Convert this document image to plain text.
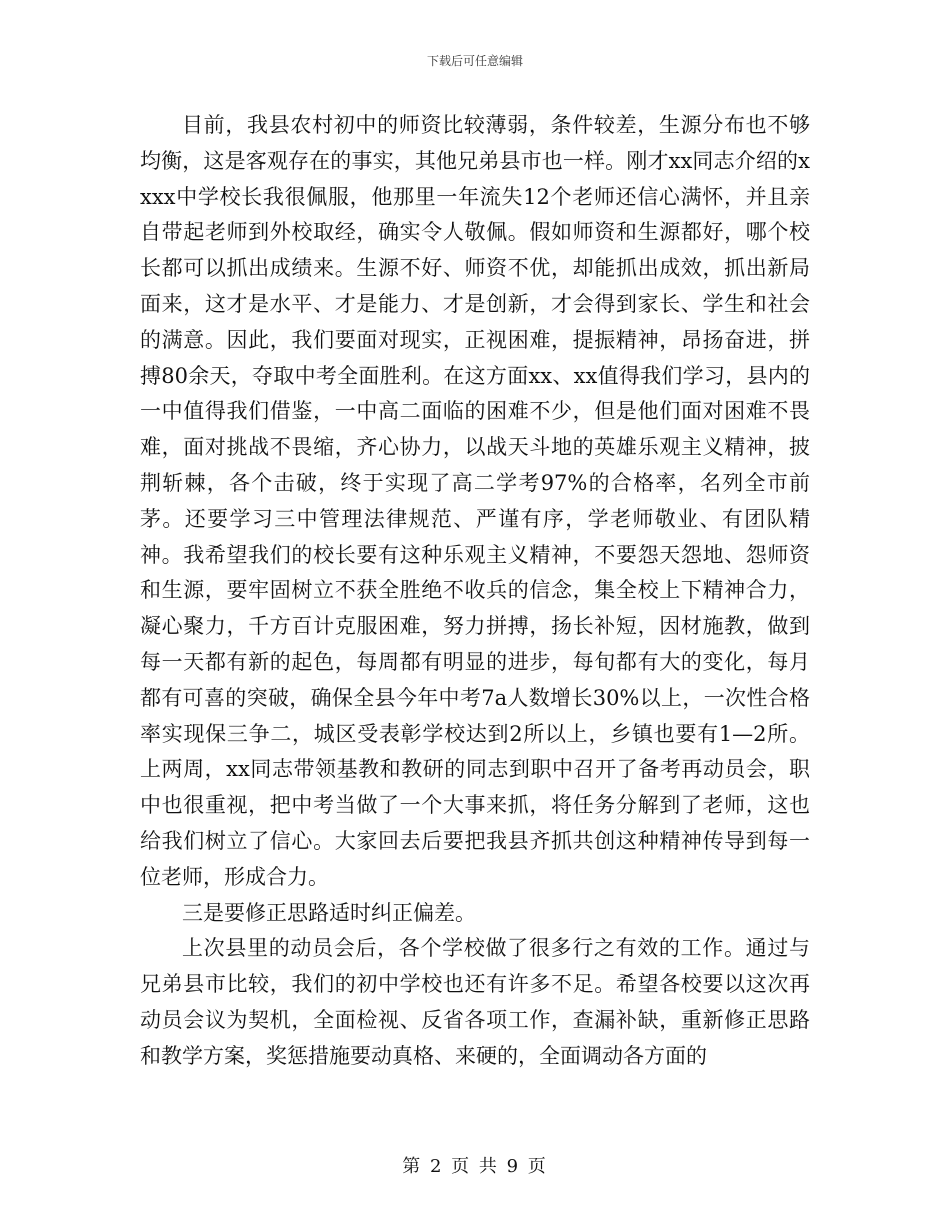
下载后可任意编辑

目前，我县农村初中的师资比较薄弱，条件较差，生源分布也不够均衡，这是客观存在的事实，其他兄弟县市也一样。刚才xx同志介绍的xxxx中学校长我很佩服，他那里一年流失12个老师还信心满怀，并且亲自带起老师到外校取经，确实令人敬佩。假如师资和生源都好，哪个校长都可以抓出成绩来。生源不好、师资不优，却能抓出成效，抓出新局面来，这才是水平、才是能力、才是创新，才会得到家长、学生和社会的满意。因此，我们要面对现实，正视困难，提振精神，昂扬奋进，拼搏80余天，夺取中考全面胜利。在这方面xx、xx值得我们学习，县内的一中值得我们借鉴，一中高二面临的困难不少，但是他们面对困难不畏难，面对挑战不畏缩，齐心协力，以战天斗地的英雄乐观主义精神，披荆斩棘，各个击破，终于实现了高二学考97%的合格率，名列全市前茅。还要学习三中管理法律规范、严谨有序，学老师敬业、有团队精神。我希望我们的校长要有这种乐观主义精神，不要怨天怨地、怨师资和生源，要牢固树立不获全胜绝不收兵的信念，集全校上下精神合力，凝心聚力，千方百计克服困难，努力拼搏，扬长补短，因材施教，做到每一天都有新的起色，每周都有明显的进步，每旬都有大的变化，每月都有可喜的突破，确保全县今年中考7a人数增长30%以上，一次性合格率实现保三争二，城区受表彰学校达到2所以上，乡镇也要有1—2所。上两周，xx同志带领基教和教研的同志到职中召开了备考再动员会，职中也很重视，把中考当做了一个大事来抓，将任务分解到了老师，这也给我们树立了信心。大家回去后要把我县齐抓共创这种精神传导到每一位老师，形成合力。

三是要修正思路适时纠正偏差。

上次县里的动员会后，各个学校做了很多行之有效的工作。通过与兄弟县市比较，我们的初中学校也还有许多不足。希望各校要以这次再动员会议为契机，全面检视、反省各项工作，查漏补缺，重新修正思路和教学方案，奖惩措施要动真格、来硬的，全面调动各方面的

第 2 页 共 9 页
